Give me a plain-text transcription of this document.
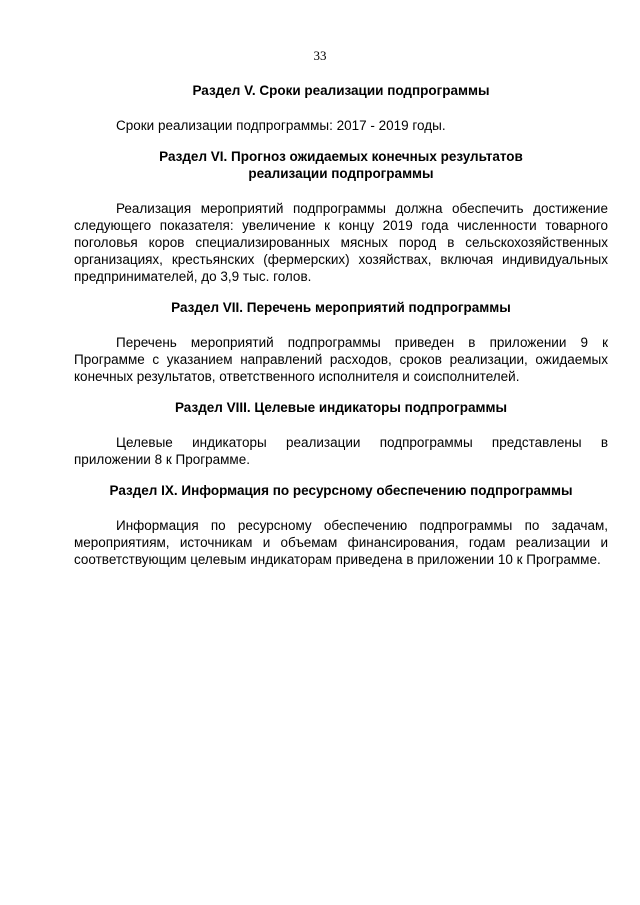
33
Раздел V. Сроки реализации подпрограммы

Сроки реализации подпрограммы: 2017 - 2019 годы.

Раздел VI. Прогноз ожидаемых конечных результатов
реализации подпрограммы

Реализация мероприятий подпрограммы должна обеспечить достижение следующего показателя: увеличение к концу 2019 года численности товарного поголовья коров специализированных мясных пород в сельскохозяйственных организациях, крестьянских (фермерских) хозяйствах, включая индивидуальных предпринимателей, до 3,9 тыс. голов.

Раздел VII. Перечень мероприятий подпрограммы

Перечень мероприятий подпрограммы приведен в приложении 9 к Программе с указанием направлений расходов, сроков реализации, ожидаемых конечных результатов, ответственного исполнителя и соисполнителей.

Раздел VIII. Целевые индикаторы подпрограммы

Целевые индикаторы реализации подпрограммы представлены в приложении 8 к Программе.

Раздел IX. Информация по ресурсному обеспечению подпрограммы

Информация по ресурсному обеспечению подпрограммы по задачам, мероприятиям, источникам и объемам финансирования, годам реализации и соответствующим целевым индикаторам приведена в приложении 10 к Программе.
